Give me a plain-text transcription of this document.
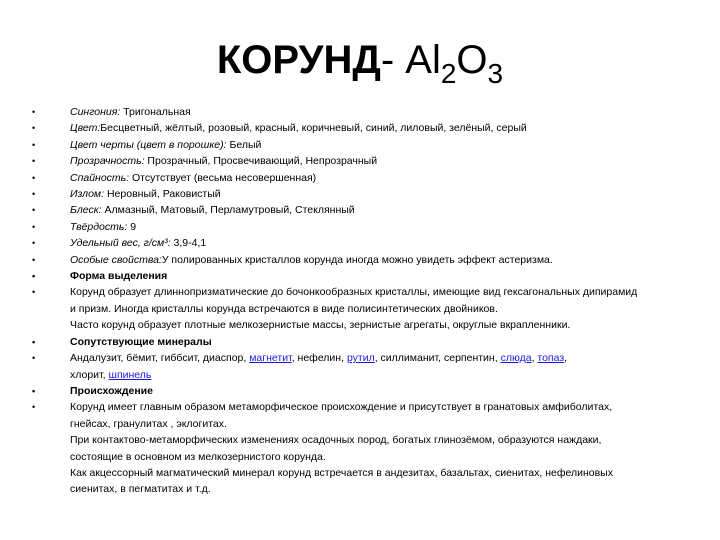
КОРУНД- $Al_2O_3$
• Сингония: Тригональная
• Цвет:Бесцветный, жёлтый, розовый, красный, коричневый, синий, лиловый, зелёный, серый
• Цвет черты (цвет в порошке): Белый
• Прозрачность: Прозрачный, Просвечивающий, Непрозрачный
• Спайность: Отсутствует (весьма несовершенная)
• Излом: Неровный, Раковистый
• Блеск: Алмазный, Матовый, Перламутровый, Стеклянный
• Твёрдость: 9
• Удельный вес, г/см³: 3,9-4,1
• Особые свойства:У полированных кристаллов корунда иногда можно увидеть эффект астеризма.
• Форма выделения
• Корунд образует длиннопризматические до бочонкообразных кристаллы, имеющие вид гексагональных дипирамид
и призм. Иногда кристаллы корунда встречаются в виде полисинтетических двойников.
Часто корунд образует плотные мелкозернистые массы, зернистые агрегаты, округлые вкрапленники.
• Сопутствующие минералы
• Андалузит, бёмит, гиббсит, диаспор, магнетит, нефелин, рутил, силлиманит, серпентин, слюда, топаз,
хлорит, шпинель
• Происхождение
• Корунд имеет главным образом метаморфическое происхождение и присутствует в гранатовых амфиболитах,
гнейсах, гранулитах , эклогитах.
При контактово-метаморфических изменениях осадочных пород, богатых глинозёмом, образуются наждаки,
состоящие в основном из мелкозернистого корунда.
Как акцессорный магматический минерал корунд встречается в андезитах, базальтах, сиенитах, нефелиновых
сиенитах, в пегматитах и т.д.
